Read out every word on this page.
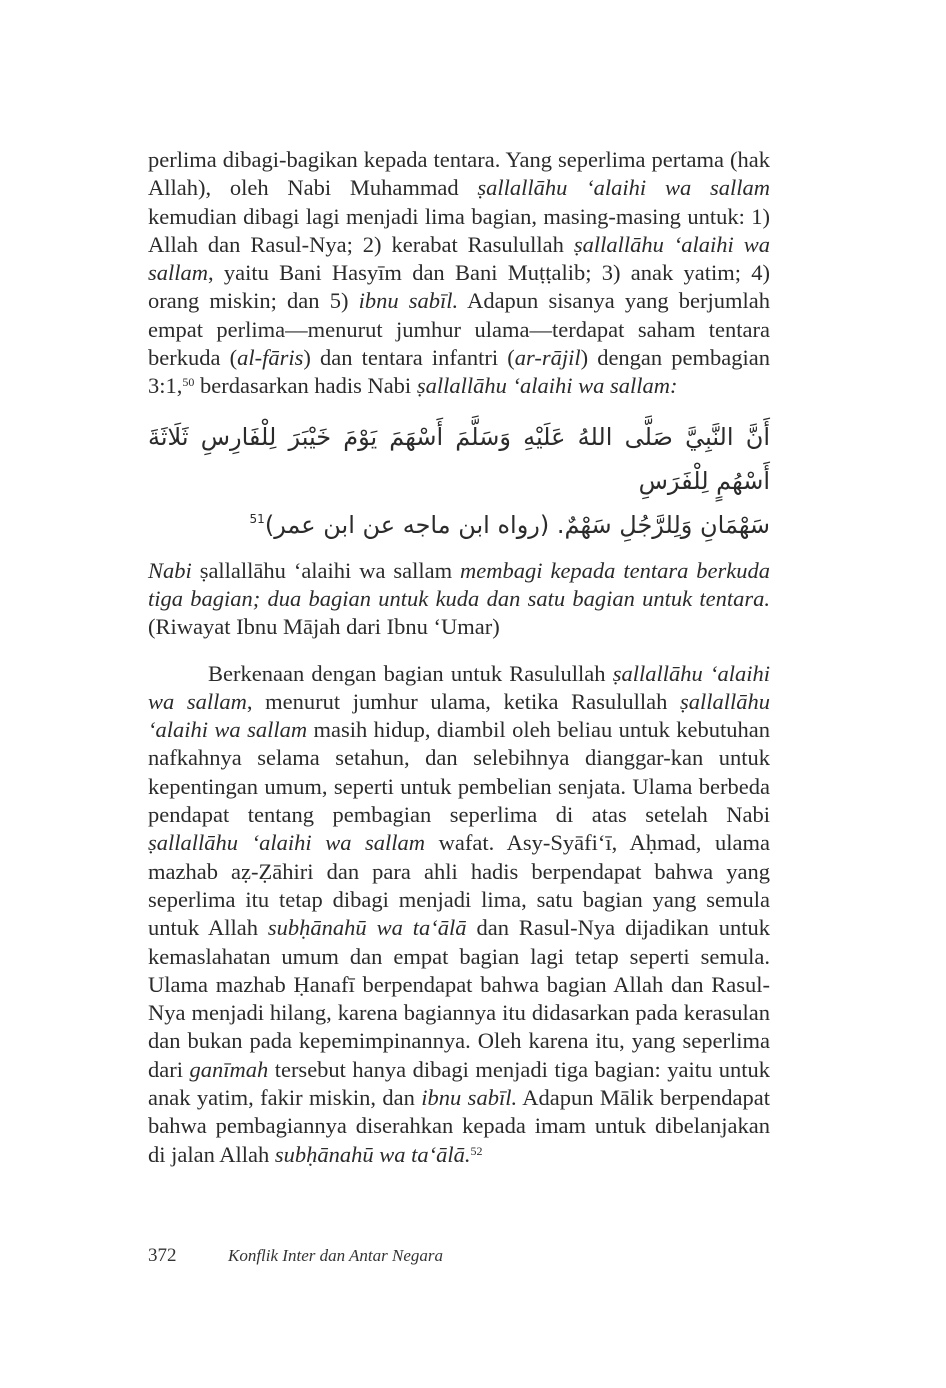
perlima dibagi-bagikan kepada tentara. Yang seperlima pertama (hak Allah), oleh Nabi Muhammad ṣallallāhu ‘alaihi wa sallam kemudian dibagi lagi menjadi lima bagian, masing-masing untuk: 1) Allah dan Rasul-Nya; 2) kerabat Rasulullah ṣallallāhu ‘alaihi wa sallam, yaitu Bani Hasyīm dan Bani Muṭṭalib; 3) anak yatim; 4) orang miskin; dan 5) ibnu sabīl. Adapun sisanya yang berjumlah empat perlima—menurut jumhur ulama—terdapat saham tentara berkuda (al-fāris) dan tentara infantri (ar-rājil) dengan pembagian 3:1,50 berdasarkan hadis Nabi ṣallallāhu ‘alaihi wa sallam:

أَنَّ النَّبِيَّ صَلَّى اللهُ عَلَيْهِ وَسَلَّمَ أَسْهَمَ يَوْمَ خَيْبَرَ لِلْفَارِسِ ثَلَاثَةَ أَسْهُمٍ لِلْفَرَسِ
سَهْمَانِ وَلِلرَّجُلِ سَهْمٌ. (رواه ابن ماجه عن ابن عمر)$^{51}$

Nabi ṣallallāhu ‘alaihi wa sallam membagi kepada tentara berkuda tiga bagian; dua bagian untuk kuda dan satu bagian untuk tentara. (Riwayat Ibnu Mājah dari Ibnu ‘Umar)

Berkenaan dengan bagian untuk Rasulullah ṣallallāhu ‘alaihi wa sallam, menurut jumhur ulama, ketika Rasulullah ṣallallāhu ‘alaihi wa sallam masih hidup, diambil oleh beliau untuk kebutuhan nafkahnya selama setahun, dan selebihnya dianggar-kan untuk kepentingan umum, seperti untuk pembelian senjata. Ulama berbeda pendapat tentang pembagian seperlima di atas setelah Nabi ṣallallāhu ‘alaihi wa sallam wafat. Asy-Syāfi‘ī, Aḥmad, ulama mazhab aẓ-Ẓāhiri dan para ahli hadis berpendapat bahwa yang seperlima itu tetap dibagi menjadi lima, satu bagian yang semula untuk Allah subḥānahū wa ta‘ālā dan Rasul-Nya dijadikan untuk kemaslahatan umum dan empat bagian lagi tetap seperti semula. Ulama mazhab Ḥanafī berpendapat bahwa bagian Allah dan Rasul-Nya menjadi hilang, karena bagiannya itu didasarkan pada kerasulan dan bukan pada kepemimpinannya. Oleh karena itu, yang seperlima dari ganīmah tersebut hanya dibagi menjadi tiga bagian: yaitu untuk anak yatim, fakir miskin, dan ibnu sabīl. Adapun Mālik berpendapat bahwa pembagiannya diserahkan kepada imam untuk dibelanjakan di jalan Allah subḥānahū wa ta‘ālā.$^{52}$

372	Konflik Inter dan Antar Negara
